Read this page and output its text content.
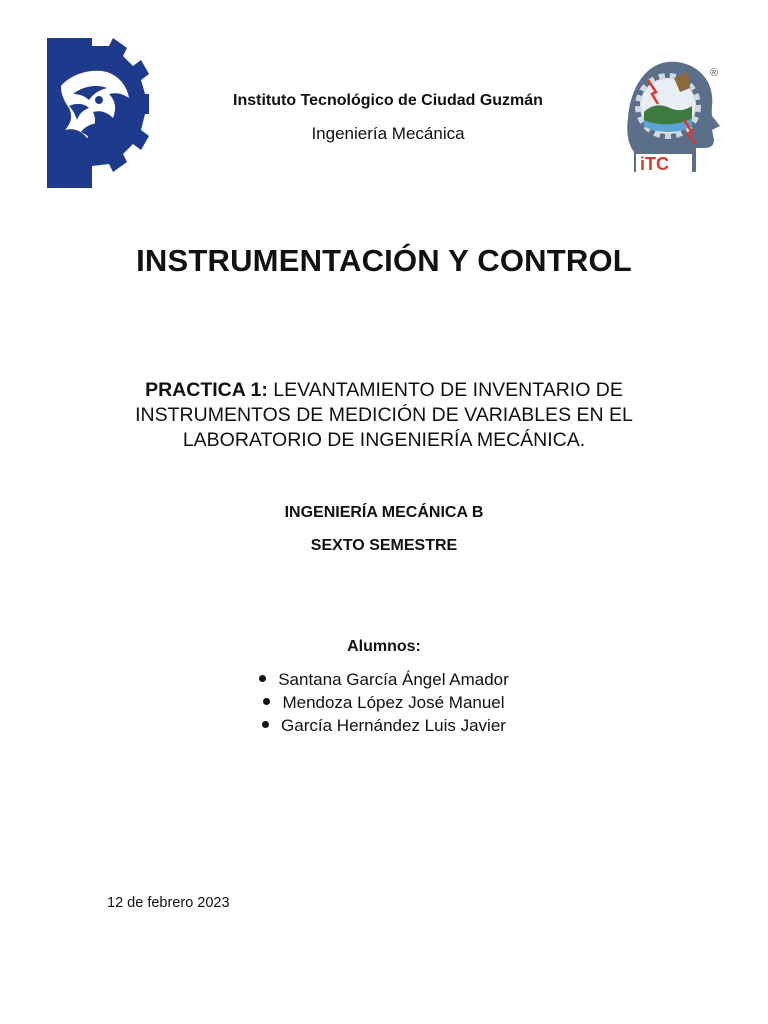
iTC
®
Instituto Tecnológico de Ciudad Guzmán
Ingeniería Mecánica
INSTRUMENTACIÓN Y CONTROL
PRACTICA 1: LEVANTAMIENTO DE INVENTARIO DE
INSTRUMENTOS DE MEDICIÓN DE VARIABLES EN EL
LABORATORIO DE INGENIERÍA MECÁNICA.
INGENIERÍA MECÁNICA B
SEXTO SEMESTRE
Alumnos:
Santana García Ángel Amador
Mendoza López José Manuel
García Hernández Luis Javier
12 de febrero 2023
